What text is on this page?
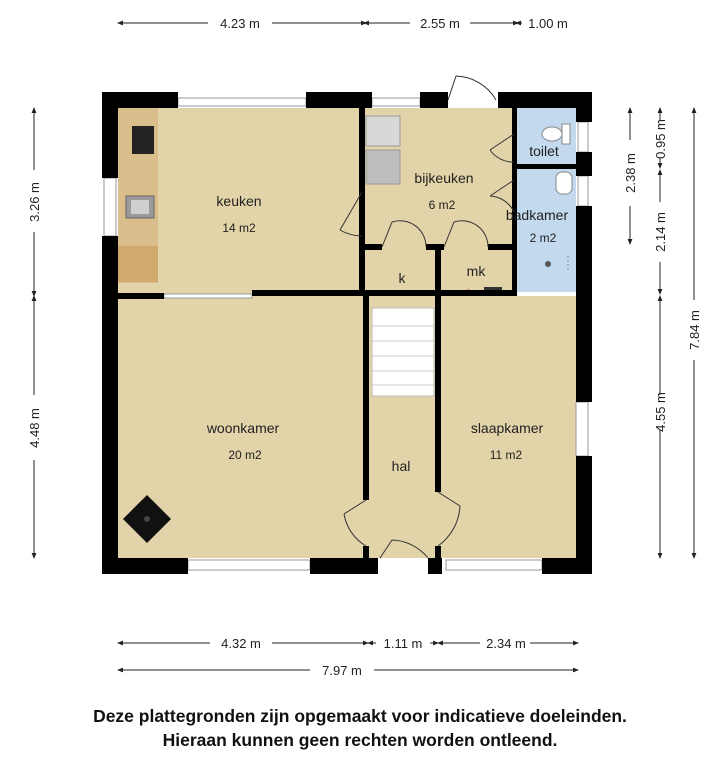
keuken
14 m2
bijkeuken
6 m2
toilet
badkamer
2 m2
k	mk
woonkamer
20 m2
hal
slaapkamer
11 m2
4.23 m	2.55 m	1.00 m
4.32 m	1.11 m	2.34 m
7.97 m
3.26 m
4.48 m
0.95 m
2.14 m
2.38 m
4.55 m
7.84 m
Deze plattegronden zijn opgemaakt voor indicatieve doeleinden.
Hieraan kunnen geen rechten worden ontleend.
